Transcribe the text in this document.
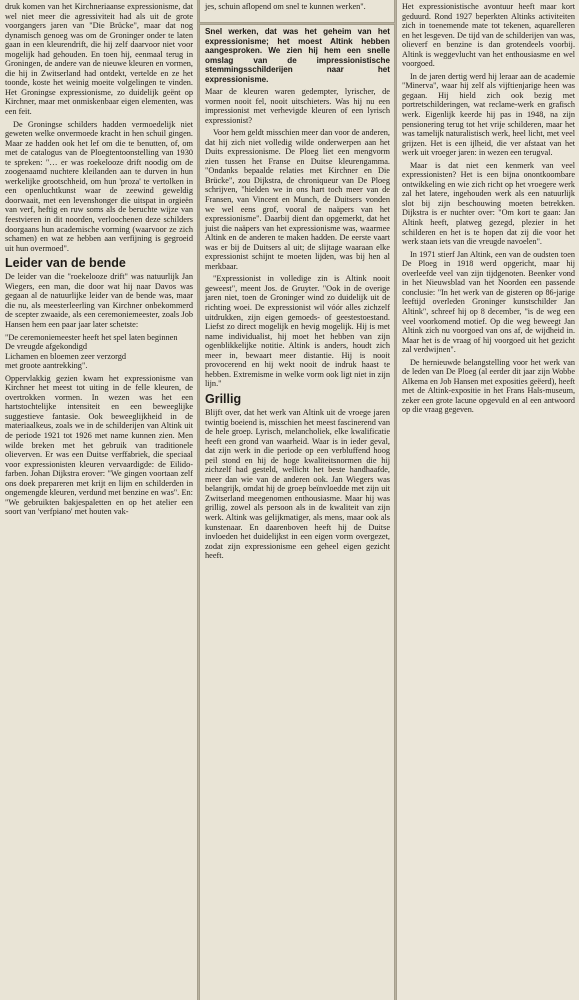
druk komen van het Kirchneriaanse expressionisme, dat wel niet meer die agressiviteit had als uit de grote voorgangers jaren van "Die Brücke", maar dat nog dynamisch genoeg was om de Groninger onder te laten gaan in een kleurendrift, die hij zelf daarvoor niet voor mogelijk had gehouden. En toen hij, eenmaal terug in Groningen, de andere van de nieuwe kleuren en vormen, die hij in Zwitserland had ontdekt, vertelde en ze het toonde, koste het weinig moeite volgelingen te vinden. Het Groningse expressionisme, zo duidelijk geënt op Kirchner, maar met onmiskenbaar eigen elementen, was een feit.

De Groningse schilders hadden vermoedelijk niet geweten welke onvermoede kracht in hen schuil gingen. Maar ze hadden ook het lef om die te benutten, of, om met de catalogus van de Ploegtentoonstelling van 1930 te spreken: "… er was roekelooze drift noodig om de zoogenaamd nuchtere kleilanden aan te durven in hun werkelijke grootschheid, om hun 'proza' te vertolken in een openluchtkunst waar de zeewind geweldig doorwaait, met een levenshonger die uitspat in orgieën van verf, heftig en ruw soms als de beruchte wijze van feestvieren in dit noorden, verloochenen deze schilders doorgaans hun academische vorming (waarvoor ze zich schamen) en wat ze hebben aan verfijning is gegroeid uit hun overmoed".

Leider van de bende

De leider van die "roekelooze drift" was natuurlijk Jan Wiegers, een man, die door wat hij naar Davos was gegaan al de natuurlijke leider van de bende was, maar die nu, als meesterleerling van Kirchner onbekommerd de scepter zwaaide, als een ceremoniemeester, zoals Job Hansen hem een paar jaar later schetste:

"De ceremoniemeester heeft het spel laten beginnen
De vreugde afgekondigd
Lichamen en bloemen zeer verzorgd
met groote aantrekking".

Oppervlakkig gezien kwam het expressionisme van Kirchner het meest tot uiting in de felle kleuren, de overtrokken vormen. In wezen was het een hartstochtelijke intensiteit en een beweeglijke suggestieve fantasie. Ook beweeglijkheid in de materiaalkeus, zoals we in de schilderijen van Altink uit de periode 1921 tot 1926 met name kunnen zien. Men wilde breken met het gebruik van traditionele olieverven. Er was een Duitse verffabriek, die speciaal voor expressionisten kleuren vervaardigde: de Eilido-farben. Johan Dijkstra erover: "We gingen voortaan zelf ons doek prepareren met krijt en lijm en schilderden in ongemengde kleuren, verdund met benzine en was". En: "We gebruikten bakjespaletten en op het atelier een soort van 'verfpiano' met houten vak-

jes, schuin aflopend om snel te kunnen werken".

Snel werken, dat was het geheim van het expressionisme; het moest Altink hebben aangesproken. We zien hij hem een snelle omslag van de impressionistische stemmingsschilderijen naar het expressionisme.

Maar de kleuren waren gedempter, lyrischer, de vormen nooit fel, nooit uitschieters. Was hij nu een impressionist met verhevigde kleuren of een lyrisch expressionist?

Voor hem geldt misschien meer dan voor de anderen, dat hij zich niet volledig wilde onderwerpen aan het Duits expressionisme. De Ploeg liet een mengvorm zien tussen het Franse en Duitse kleurengamma. "Ondanks bepaalde relaties met Kirchner en Die Brücke", zou Dijkstra, de chroniqueur van De Ploeg schrijven, "hielden we in ons hart toch meer van de Fransen, van Vincent en Munch, de Duitsers vonden we wel eens grof, vooral de naäpers van het expressionisme". Daarbij dient dan opgemerkt, dat het juist die naäpers van het expressionisme was, waarmee Altink en de anderen te maken hadden. De eerste vaart was er bij de Duitsers al uit; de slijtage waaraan elke expressionist schijnt te moeten lijden, was bij hen al merkbaar.

"Expressionist in volledige zin is Altink nooit geweest", meent Jos. de Gruyter. "Ook in de overige jaren niet, toen de Groninger wind zo duidelijk uit de richting woei. De expressionist wil vóór alles zichzelf uitdrukken, zijn eigen gemoeds- of geestestoestand. Liefst zo direct mogelijk en hevig mogelijk. Hij is met name individualist, hij moet het hebben van zijn ogenblikkelijke notitie. Altink is anders, houdt zich meer in, bewaart meer distantie. Hij is nooit provocerend en hij wekt nooit de indruk haast te hebben. Extremisme in welke vorm ook ligt niet in zijn lijn."

Grillig

Blijft over, dat het werk van Altink uit de vroege jaren twintig boeiend is, misschien het meest fascinerend van de hele groep. Lyrisch, melancholiek, elke kwalificatie heeft een grond van waarheid. Waar is in ieder geval, dat zijn werk in die periode op een verbluffend hoog peil stond en hij de hoge kwaliteitsnormen die hij zichzelf had gesteld, wellicht het beste handhaafde, meer dan wie van de anderen ook. Jan Wiegers was belangrijk, omdat hij de groep beïnvloedde met zijn uit Zwitserland meegenomen enthousiasme. Maar hij was grillig, zowel als persoon als in de kwaliteit van zijn werk. Altink was gelijkmatiger, als mens, maar ook als kunstenaar. En daarenboven heeft hij de Duitse invloeden het duidelijkst in een eigen vorm overgezet, zodat zijn expressionisme een geheel eigen gezicht heeft.

Het expressionistische avontuur heeft maar kort geduurd. Rond 1927 beperkten Altinks activiteiten zich in toenemende mate tot tekenen, aquarelleren en het lesgeven. De tijd van de schilderijen van was, olieverf en benzine is dan grotendeels voorbij. Altink is weggevlucht van het enthousiasme en wel voorgoed.

In de jaren dertig werd hij leraar aan de academie "Minerva", waar hij zelf als vijftienjarige heen was gegaan. Hij hield zich ook bezig met portretschilderingen, wat reclame-werk en grafisch werk. Eigenlijk keerde hij pas in 1948, na zijn pensionering terug tot het vrije schilderen, maar het was tamelijk naturalistisch werk, heel licht, met veel grijzen. Het is een ijlheid, die ver afstaat van het werk uit vroeger jaren: in wezen een terugval.

Maar is dat niet een kenmerk van veel expressionisten? Het is een bijna onontkoombare ontwikkeling en wie zich richt op het vroegere werk zal het latere, ingehouden werk als een natuurlijk slot bij zijn beschouwing moeten betrekken. Dijkstra is er nuchter over: "Om kort te gaan: Jan Altink heeft, platweg gezegd, plezier in het schilderen en het is te hopen dat zij die voor het werk staan iets van die vreugde navoelen".

In 1971 stierf Jan Altink, een van de oudsten toen De Ploeg in 1918 werd opgericht, maar hij overleefde veel van zijn tijdgenoten. Beenker vond in het Nieuwsblad van het Noorden een passende conclusie: "In het werk van de gisteren op 86-jarige leeftijd overleden Groninger kunstschilder Jan Altink", schreef hij op 8 december, "is de weg een veel voorkomend motief. Op die weg beweegt Jan Altink zich nu voorgoed van ons af, de wijdheid in. Maar het is de vraag of hij voorgoed uit het gezicht zal verdwijnen".

De hernieuwde belangstelling voor het werk van de leden van De Ploeg (al eerder dit jaar zijn Wobbe Alkema en Job Hansen met exposities geëerd), heeft met de Altink-expositie in het Frans Hals-museum, zeker een grote lacune opgevuld en al een antwoord op die vraag gegeven.
